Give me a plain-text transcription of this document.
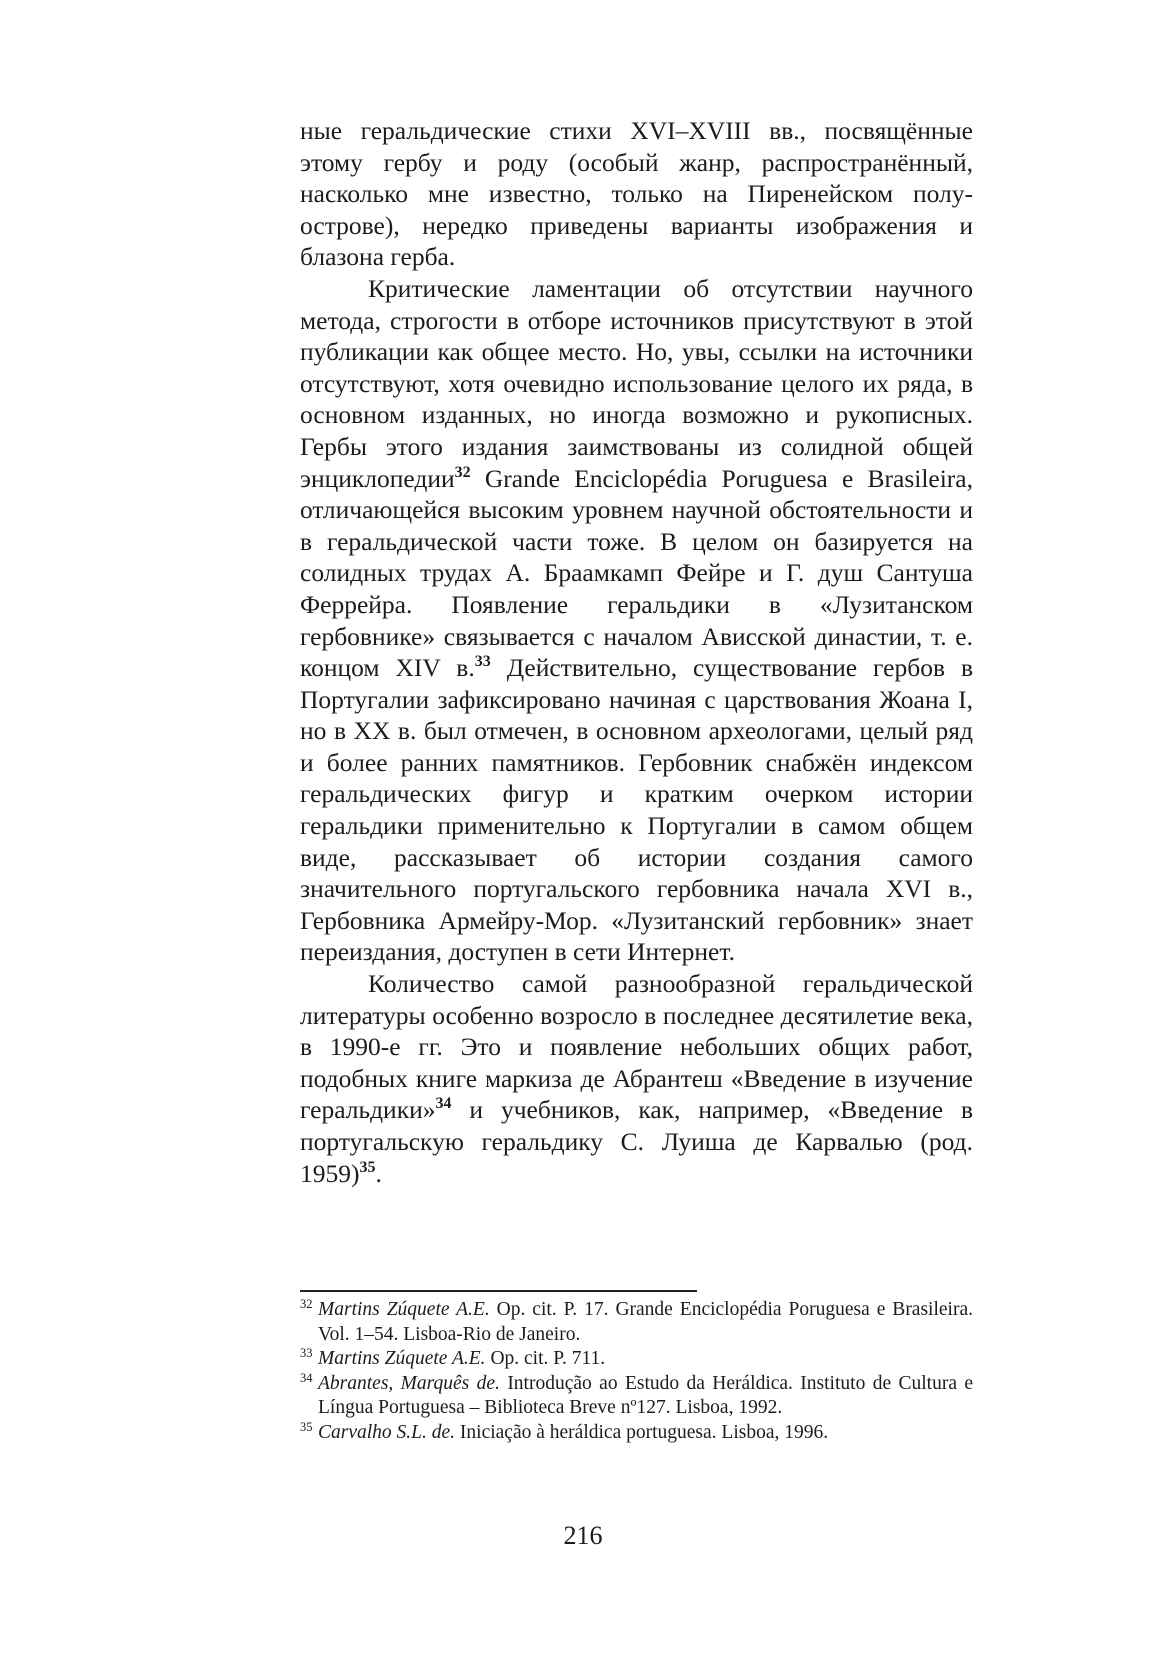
ные геральдические стихи XVI–XVIII вв., посвящённые этому гербу и роду (особый жанр, распространённый, насколько мне известно, только на Пиренейском полуострове), нередко приведены варианты изображения и блазона герба.

Критические ламентации об отсутствии научного метода, строгости в отборе источников присутствуют в этой публикации как общее место. Но, увы, ссылки на источники отсутствуют, хотя очевидно использование целого их ряда, в основном изданных, но иногда возможно и рукописных. Гербы этого издания заимствованы из солидной общей энциклопедии$^{32}$ Grande Enciclopédia Poruguesa e Brasileira, отличающейся высоким уровнем научной обстоятельности и в геральдической части тоже. В целом он базируется на солидных трудах А. Браамкамп Фейре и Г. душ Сантуша Феррейра. Появление геральдики в «Лузитанском гербовнике» связывается с началом Ависской династии, т. е. концом XIV в.$^{33}$ Действительно, существование гербов в Португалии зафиксировано начиная с царствования Жоана I, но в XX в. был отмечен, в основном археологами, целый ряд и более ранних памятников. Гербовник снабжён индексом геральдических фигур и кратким очерком истории геральдики применительно к Португалии в самом общем виде, рассказывает об истории создания самого значительного португальского гербовника начала XVI в., Гербовника Армейру-Мор. «Лузитанский гербовник» знает переиздания, доступен в сети Интернет.

Количество самой разнообразной геральдической литературы особенно возросло в последнее десятилетие века, в 1990-е гг. Это и появление небольших общих работ, подобных книге маркиза де Абрантеш «Введение в изучение геральдики»$^{34}$ и учебников, как, например, «Введение в португальскую геральдику С. Луиша де Карвалью (род. 1959)$^{35}$.

32 Martins Zúquete A.E. Op. cit. P. 17. Grande Enciclopédia Poruguesa e Brasileira. Vol. 1–54. Lisboa-Rio de Janeiro.

33 Martins Zúquete A.E. Op. cit. P. 711.

34 Abrantes, Marquês de. Introdução ao Estudo da Heráldica. Instituto de Cultura e Língua Portuguesa – Biblioteca Breve nº127. Lisboa, 1992.

35 Carvalho S.L. de. Iniciação à heráldica portuguesa. Lisboa, 1996.

216
